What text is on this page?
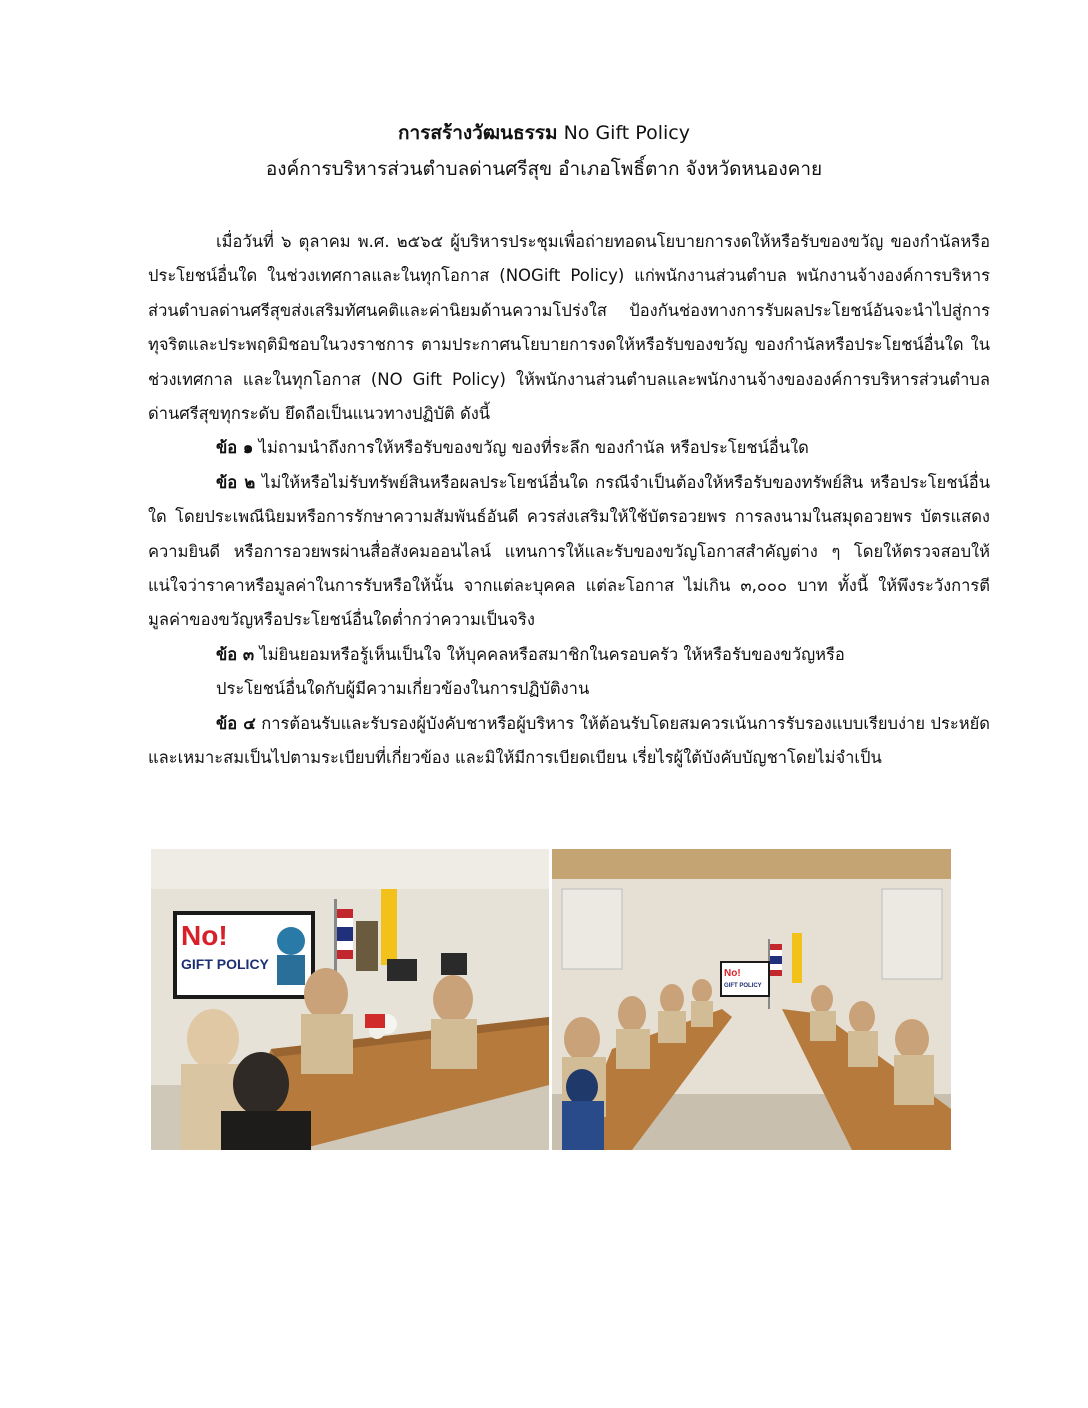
การสร้างวัฒนธรรม No Gift Policy
องค์การบริหารส่วนตำบลด่านศรีสุข อำเภอโพธิ์ตาก จังหวัดหนองคาย

เมื่อวันที่ ๖ ตุลาคม พ.ศ. ๒๕๖๕ ผู้บริหารประชุมเพื่อถ่ายทอดนโยบายการงดให้หรือรับของขวัญ ของกำนัลหรือประโยชน์อื่นใด ในช่วงเทศกาลและในทุกโอกาส (NOGift Policy) แก่พนักงานส่วนตำบล พนักงานจ้างองค์การบริหารส่วนตำบลด่านศรีสุขส่งเสริมทัศนคติและค่านิยมด้านความโปร่งใส ป้องกันช่องทางการรับผลประโยชน์อันจะนำไปสู่การทุจริตและประพฤติมิชอบในวงราชการ ตามประกาศนโยบายการงดให้หรือรับของขวัญ ของกำนัลหรือประโยชน์อื่นใด ในช่วงเทศกาล และในทุกโอกาส (NO Gift Policy) ให้พนักงานส่วนตำบลและพนักงานจ้างขององค์การบริหารส่วนตำบลด่านศรีสุขทุกระดับ ยึดถือเป็นแนวทางปฏิบัติ ดังนี้

ข้อ ๑ ไม่ถามนำถึงการให้หรือรับของขวัญ ของที่ระลึก ของกำนัล หรือประโยชน์อื่นใด

ข้อ ๒ ไม่ให้หรือไม่รับทรัพย์สินหรือผลประโยชน์อื่นใด กรณีจำเป็นต้องให้หรือรับของทรัพย์สิน หรือประโยชน์อื่นใด โดยประเพณีนิยมหรือการรักษาความสัมพันธ์อันดี ควรส่งเสริมให้ใช้บัตรอวยพร การลงนามในสมุดอวยพร บัตรแสดงความยินดี หรือการอวยพรผ่านสื่อสังคมออนไลน์ แทนการให้และรับของขวัญโอกาสสำคัญต่าง ๆ โดยให้ตรวจสอบให้แน่ใจว่าราคาหรือมูลค่าในการรับหรือให้นั้น จากแต่ละบุคคล แต่ละโอกาส ไม่เกิน ๓,๐๐๐ บาท ทั้งนี้ ให้พึงระวังการตีมูลค่าของขวัญหรือประโยชน์อื่นใดต่ำกว่าความเป็นจริง

ข้อ ๓ ไม่ยินยอมหรือรู้เห็นเป็นใจ ให้บุคคลหรือสมาชิกในครอบครัว ให้หรือรับของขวัญหรือ

ประโยชน์อื่นใดกับผู้มีความเกี่ยวข้องในการปฏิบัติงาน

ข้อ ๔ การต้อนรับและรับรองผู้บังคับชาหรือผู้บริหาร ให้ต้อนรับโดยสมควรเน้นการรับรองแบบเรียบง่าย ประหยัด และเหมาะสมเป็นไปตามระเบียบที่เกี่ยวข้อง และมิให้มีการเบียดเบียน เรี่ยไรผู้ใต้บังคับบัญชาโดยไม่จำเป็น

No!
GIFT POLICY
No!
GIFT POLICY
